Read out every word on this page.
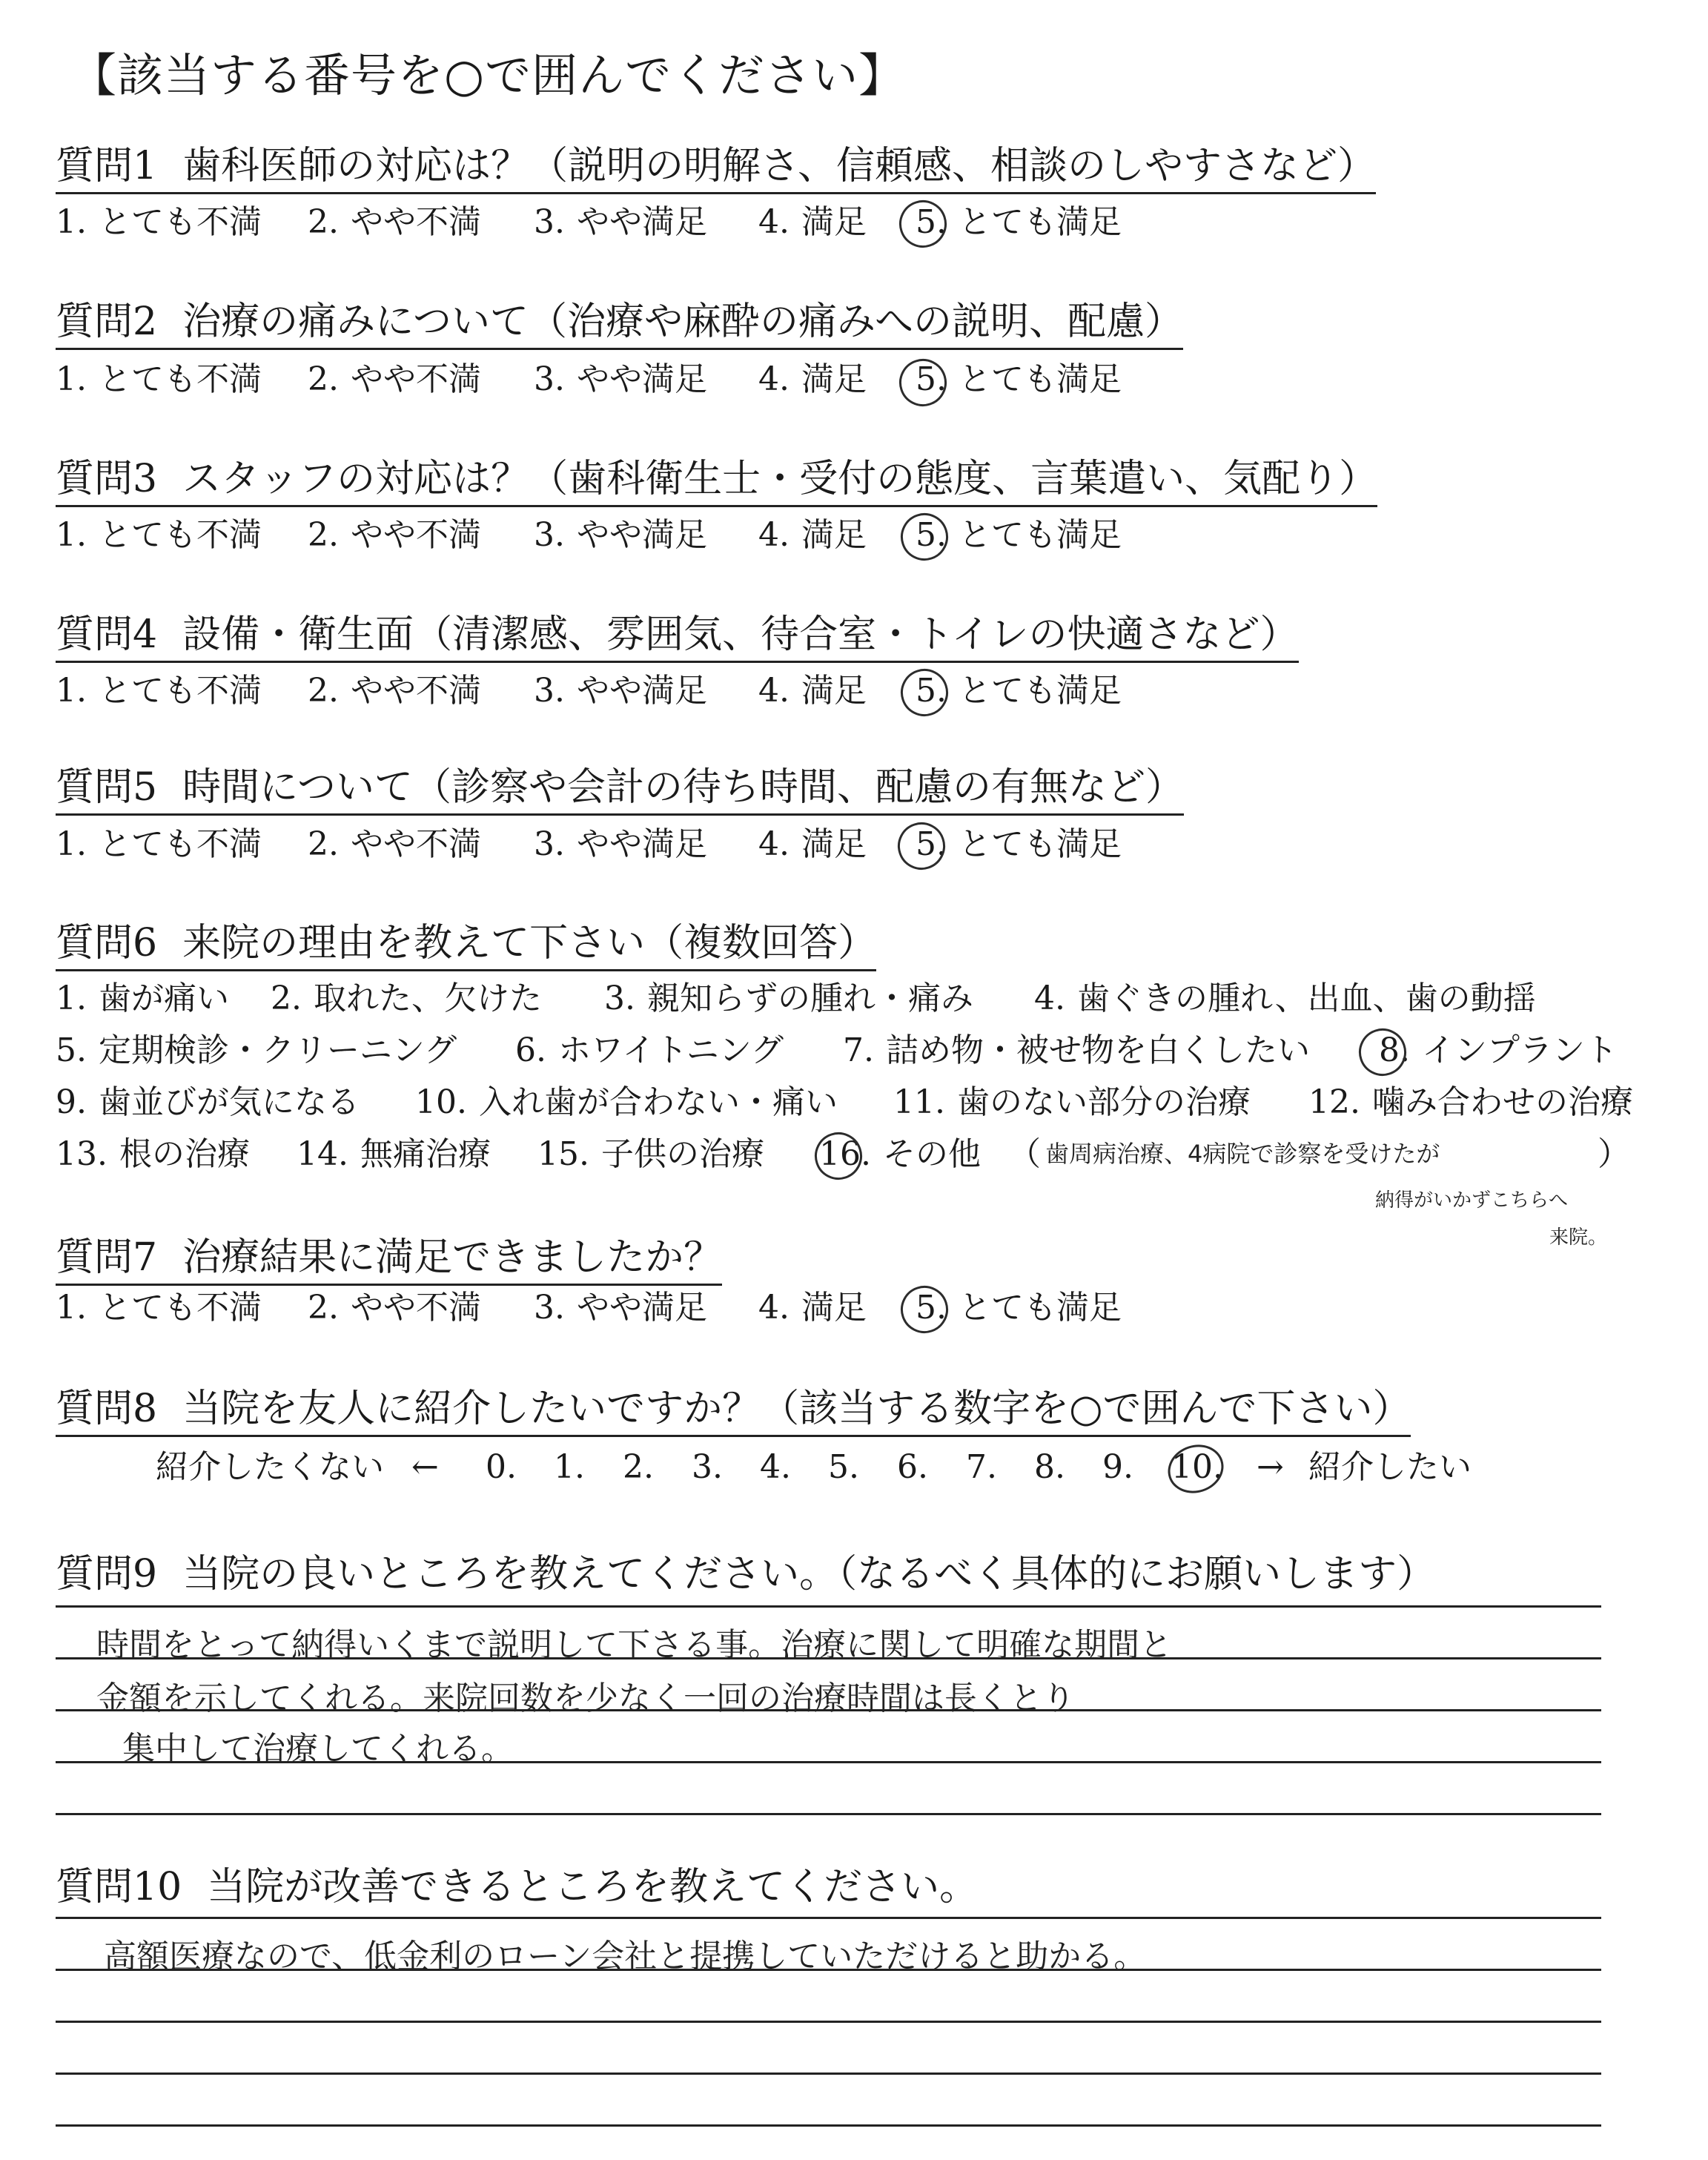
【該当する番号を○で囲んでください】
質問1 歯科医師の対応は？（説明の明解さ、信頼感、相談のしやすさなど）
1. とても不満 2. やや不満 3. やや満足 4. 満足 5. とても満足
質問2 治療の痛みについて（治療や麻酔の痛みへの説明、配慮）
1. とても不満 2. やや不満 3. やや満足 4. 満足 5. とても満足
質問3 スタッフの対応は？（歯科衛生士・受付の態度、言葉遣い、気配り）
1. とても不満 2. やや不満 3. やや満足 4. 満足 5. とても満足
質問4 設備・衛生面（清潔感、雰囲気、待合室・トイレの快適さなど）
1. とても不満 2. やや不満 3. やや満足 4. 満足 5. とても満足
質問5 時間について（診察や会計の待ち時間、配慮の有無など）
1. とても不満 2. やや不満 3. やや満足 4. 満足 5. とても満足
質問6 来院の理由を教えて下さい（複数回答）
1. 歯が痛い 2. 取れた、欠けた 3. 親知らずの腫れ・痛み 4. 歯ぐきの腫れ、出血、歯の動揺
5. 定期検診・クリーニング 6. ホワイトニング 7. 詰め物・被せ物を白くしたい 8. インプラント
9. 歯並びが気になる 10. 入れ歯が合わない・痛い 11. 歯のない部分の治療 12. 噛み合わせの治療
13. 根の治療 14. 無痛治療 15. 子供の治療 16. その他 （ 歯周病治療、4病院で診察を受けたが	）
納得がいかずこちらへ
来院。
質問7 治療結果に満足できましたか？
1. とても不満 2. やや不満 3. やや満足 4. 満足 5. とても満足
質問8 当院を友人に紹介したいですか？（該当する数字を○で囲んで下さい）
紹介したくない ← 0. 1. 2. 3. 4. 5. 6. 7. 8. 9. 10. → 紹介したい
質問9 当院の良いところを教えてください。（なるべく具体的にお願いします）
時間をとって納得いくまで説明して下さる事。治療に関して明確な期間と
金額を示してくれる。来院回数を少なく一回の治療時間は長くとり
集中して治療してくれる。
質問10 当院が改善できるところを教えてください。
高額医療なので、低金利のローン会社と提携していただけると助かる。
